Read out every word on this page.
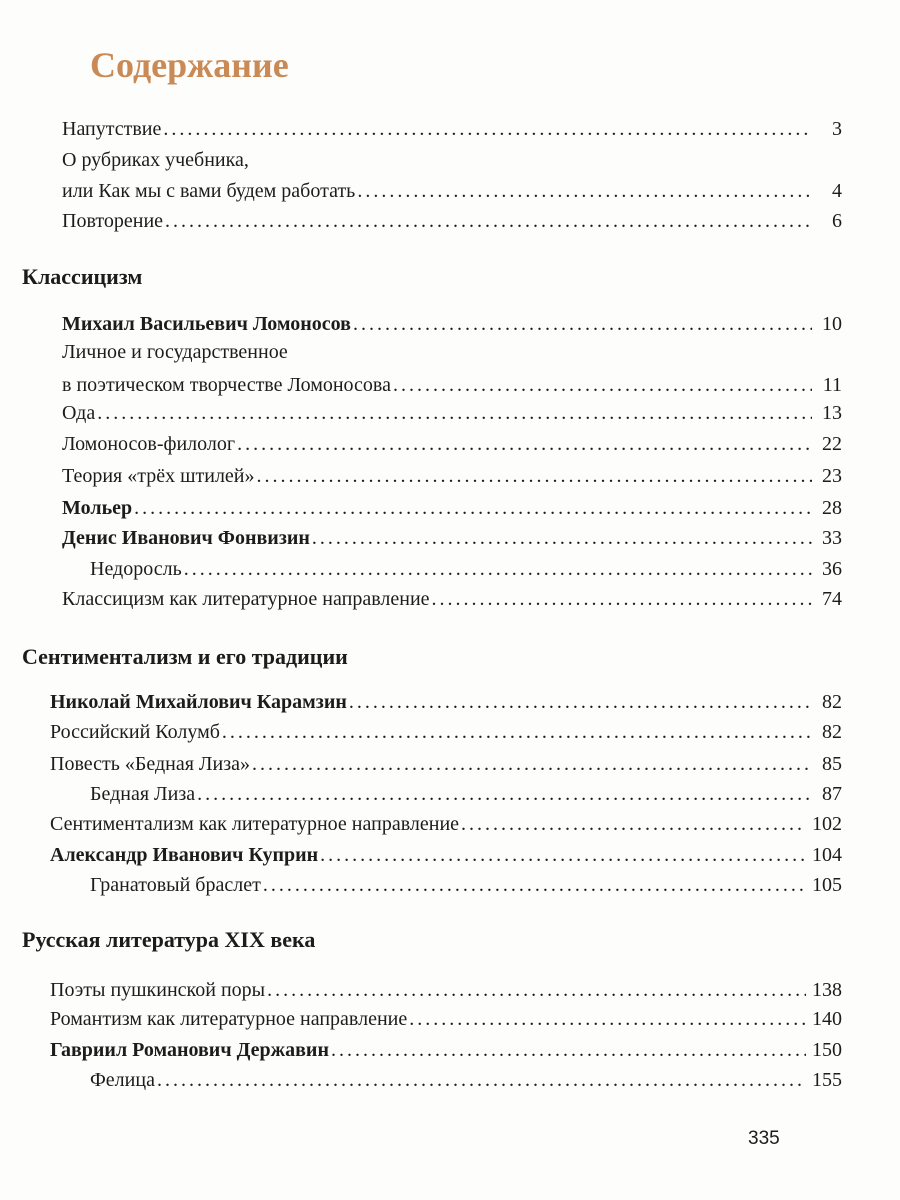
Содержание
Напутствие .....	3
О рубриках учебника,
или Как мы с вами будем работать .....	4
Повторение .....	6
Классицизм
Михаил Васильевич Ломоносов .....	10
Личное и государственное
в поэтическом творчестве Ломоносова .....	11
Ода .....	13
Ломоносов-филолог .....	22
Теория «трёх штилей» .....	23
Мольер .....	28
Денис Иванович Фонвизин .....	33
Недоросль .....	36
Классицизм как литературное направление .....	74
Сентиментализм и его традиции
Николай Михайлович Карамзин .....	82
Российский Колумб .....	82
Повесть «Бедная Лиза» .....	85
Бедная Лиза .....	87
Сентиментализм как литературное направление .....	102
Александр Иванович Куприн .....	104
Гранатовый браслет .....	105
Русская литература XIX века
Поэты пушкинской поры .....	138
Романтизм как литературное направление .....	140
Гавриил Романович Державин .....	150
Фелица .....	155
335
